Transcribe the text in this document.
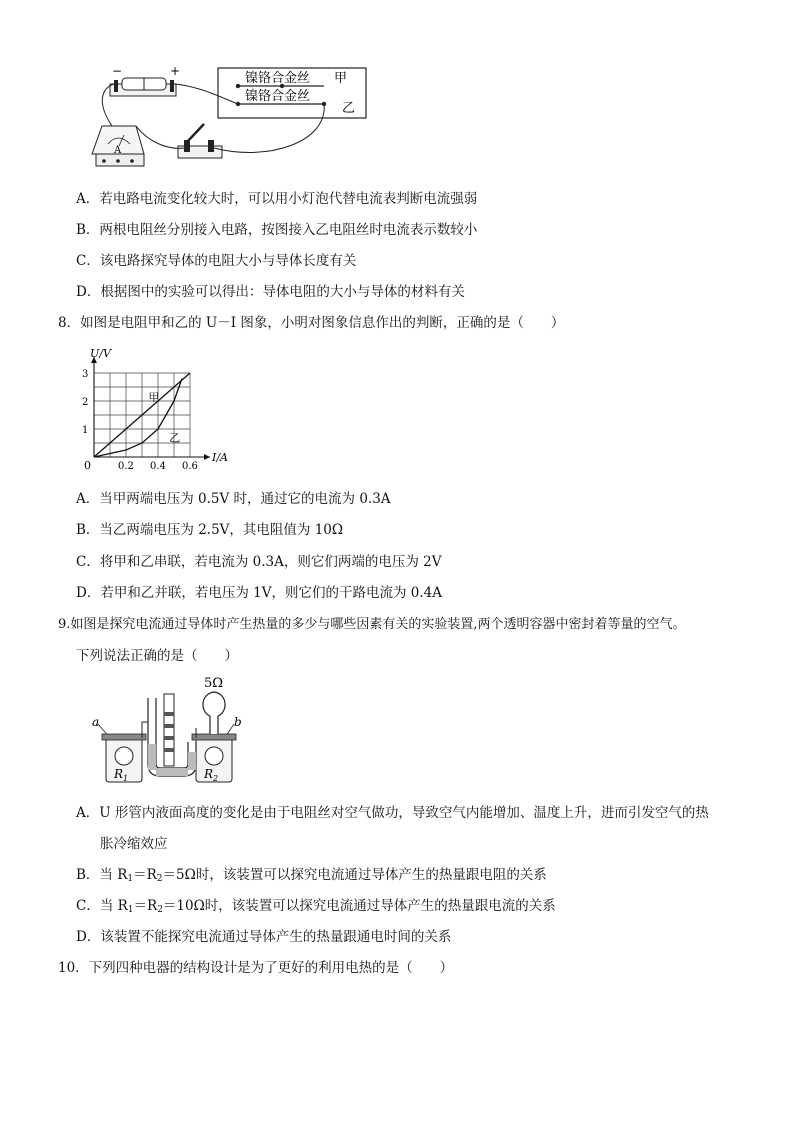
镍铬合金丝 甲
镍铬合金丝
乙
−	+
A
A．若电路电流变化较大时，可以用小灯泡代替电流表判断电流强弱
B．两根电阻丝分别接入电路，按图接入乙电阻丝时电流表示数较小
C．该电路探究导体的电阻大小与导体长度有关
D．根据图中的实验可以得出：导体电阻的大小与导体的材料有关
8．如图是电阻甲和乙的 U－I 图象，小明对图象信息作出的判断，正确的是（　　）
I/A
U/V
0	0.2 0.4 0.6
1
2
3
甲
乙
A．当甲两端电压为 0.5V 时，通过它的电流为 0.3A
B．当乙两端电压为 2.5V，其电阻值为 10Ω
C．将甲和乙串联，若电流为 0.3A，则它们两端的电压为 2V
D．若甲和乙并联，若电压为 1V，则它们的干路电流为 0.4A
9.如图是探究电流通过导体时产生热量的多少与哪些因素有关的实验装置,两个透明容器中密封着等量的空气。
下列说法正确的是（　　）
5Ω
a	b
$R_1$	$R_2$
A．U 形管内液面高度的变化是由于电阻丝对空气做功，导致空气内能增加、温度上升，进而引发空气的热
胀冷缩效应
B．当 $R_1=R_2=5\Omega$时，该装置可以探究电流通过导体产生的热量跟电阻的关系
C．当 $R_1=R_2=10\Omega$时，该装置可以探究电流通过导体产生的热量跟电流的关系
D．该装置不能探究电流通过导体产生的热量跟通电时间的关系
10．下列四种电器的结构设计是为了更好的利用电热的是（　　）
